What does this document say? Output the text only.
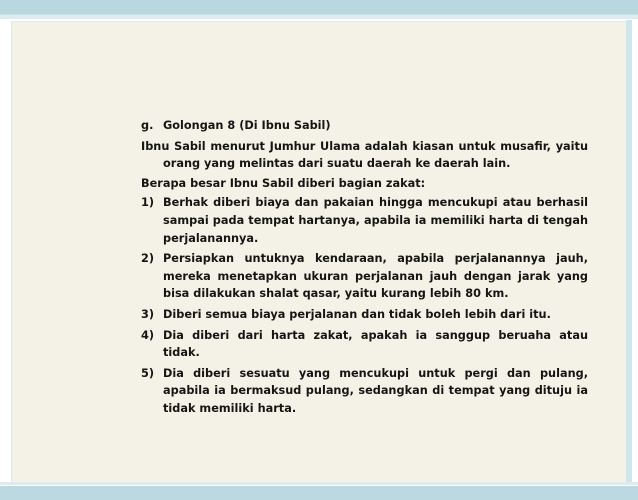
g. Golongan 8 (Di Ibnu Sabil)

Ibnu Sabil menurut Jumhur Ulama adalah kiasan untuk musafir, yaitu orang yang melintas dari suatu daerah ke daerah lain.

Berapa besar Ibnu Sabil diberi bagian zakat:

1) Berhak diberi biaya dan pakaian hingga mencukupi atau berhasil sampai pada tempat hartanya, apabila ia memiliki harta di tengah perjalanannya.
2) Persiapkan untuknya kendaraan, apabila perjalanannya jauh, mereka menetapkan ukuran perjalanan jauh dengan jarak yang bisa dilakukan shalat qasar, yaitu kurang lebih 80 km.
3) Diberi semua biaya perjalanan dan tidak boleh lebih dari itu.
4) Dia diberi dari harta zakat, apakah ia sanggup beruaha atau tidak.
5) Dia diberi sesuatu yang mencukupi untuk pergi dan pulang, apabila ia bermaksud pulang, sedangkan di tempat yang dituju ia tidak memiliki harta.
